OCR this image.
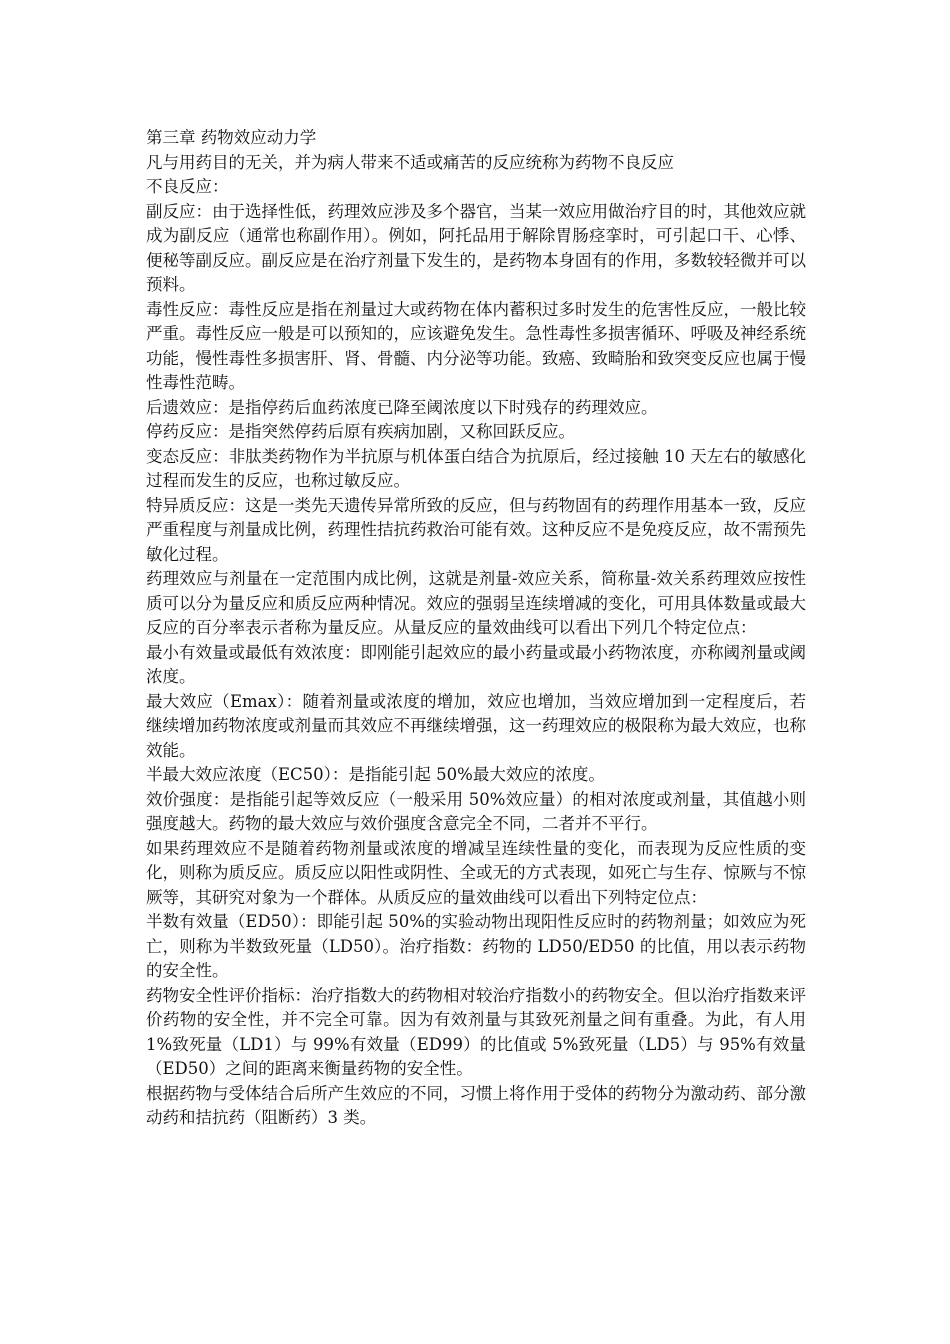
第三章 药物效应动力学

凡与用药目的无关，并为病人带来不适或痛苦的反应统称为药物不良反应

不良反应：

副反应：由于选择性低，药理效应涉及多个器官，当某一效应用做治疗目的时，其他效应就成为副反应（通常也称副作用）。例如，阿托品用于解除胃肠痉挛时，可引起口干、心悸、便秘等副反应。副反应是在治疗剂量下发生的，是药物本身固有的作用，多数较轻微并可以预料。

毒性反应：毒性反应是指在剂量过大或药物在体内蓄积过多时发生的危害性反应，一般比较严重。毒性反应一般是可以预知的，应该避免发生。急性毒性多损害循环、呼吸及神经系统功能，慢性毒性多损害肝、肾、骨髓、内分泌等功能。致癌、致畸胎和致突变反应也属于慢性毒性范畴。

后遗效应：是指停药后血药浓度已降至阈浓度以下时残存的药理效应。

停药反应：是指突然停药后原有疾病加剧，又称回跃反应。

变态反应：非肽类药物作为半抗原与机体蛋白结合为抗原后，经过接触 10 天左右的敏感化过程而发生的反应，也称过敏反应。

特异质反应：这是一类先天遗传异常所致的反应，但与药物固有的药理作用基本一致，反应严重程度与剂量成比例，药理性拮抗药救治可能有效。这种反应不是免疫反应，故不需预先敏化过程。

药理效应与剂量在一定范围内成比例，这就是剂量-效应关系，简称量-效关系药理效应按性质可以分为量反应和质反应两种情况。效应的强弱呈连续增减的变化，可用具体数量或最大反应的百分率表示者称为量反应。从量反应的量效曲线可以看出下列几个特定位点：

最小有效量或最低有效浓度：即刚能引起效应的最小药量或最小药物浓度，亦称阈剂量或阈浓度。

最大效应（Emax）：随着剂量或浓度的增加，效应也增加，当效应增加到一定程度后，若继续增加药物浓度或剂量而其效应不再继续增强，这一药理效应的极限称为最大效应，也称效能。

半最大效应浓度（EC50）：是指能引起 50%最大效应的浓度。

效价强度：是指能引起等效反应（一般采用 50%效应量）的相对浓度或剂量，其值越小则强度越大。药物的最大效应与效价强度含意完全不同，二者并不平行。

如果药理效应不是随着药物剂量或浓度的增减呈连续性量的变化，而表现为反应性质的变化，则称为质反应。质反应以阳性或阴性、全或无的方式表现，如死亡与生存、惊厥与不惊厥等，其研究对象为一个群体。从质反应的量效曲线可以看出下列特定位点：

半数有效量（ED50）：即能引起 50%的实验动物出现阳性反应时的药物剂量；如效应为死亡，则称为半数致死量（LD50）。治疗指数：药物的 LD50/ED50 的比值，用以表示药物的安全性。

药物安全性评价指标：治疗指数大的药物相对较治疗指数小的药物安全。但以治疗指数来评价药物的安全性，并不完全可靠。因为有效剂量与其致死剂量之间有重叠。为此，有人用 1%致死量（LD1）与 99%有效量（ED99）的比值或 5%致死量（LD5）与 95%有效量（ED50）之间的距离来衡量药物的安全性。

根据药物与受体结合后所产生效应的不同，习惯上将作用于受体的药物分为激动药、部分激动药和拮抗药（阻断药）3 类。
